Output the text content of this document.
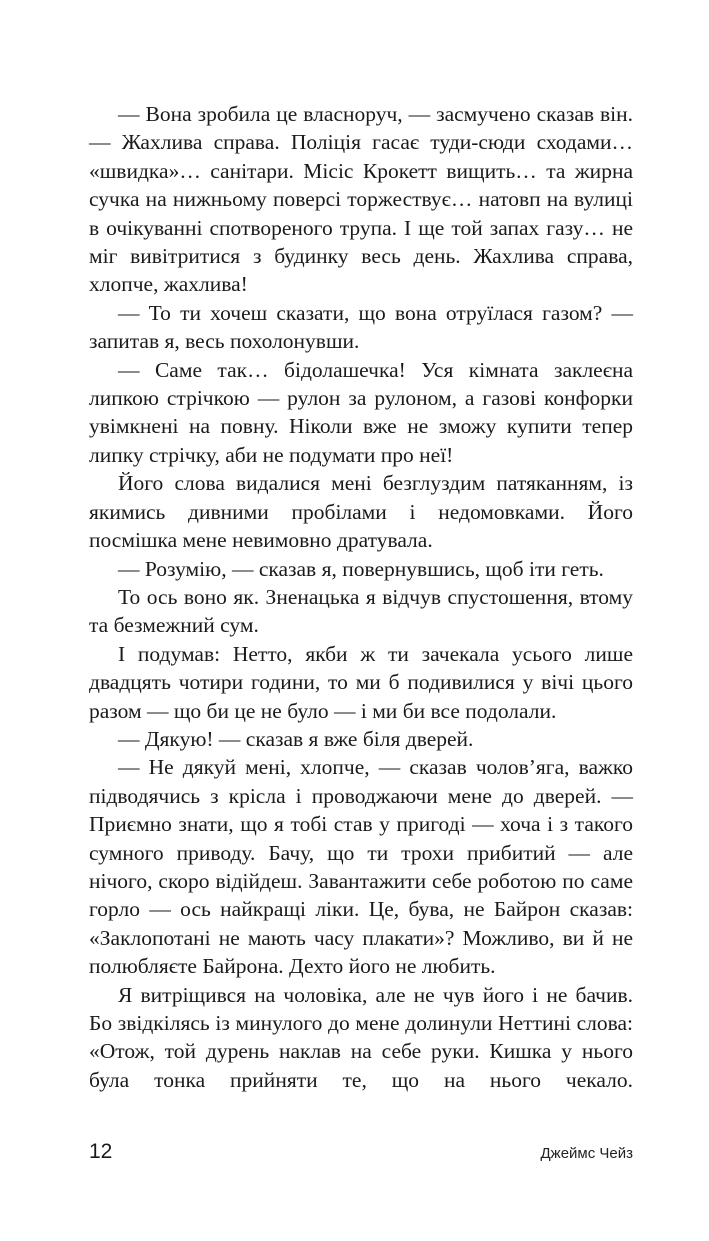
— Вона зробила це власноруч, — засмучено сказав він. — Жахлива справа. Поліція гасає туди-сюди сходами… «швидка»… санітари. Місіс Крокетт вищить… та жирна сучка на нижньому поверсі торжествує… натовп на вулиці в очікуванні спотвореного трупа. І ще той запах газу… не міг вивітритися з будинку весь день. Жахлива справа, хлопче, жахлива!

— То ти хочеш сказати, що вона отруїлася газом? — запитав я, весь похолонувши.

— Саме так… бідолашечка! Уся кімната заклеєна липкою стрічкою — рулон за рулоном, а газові конфорки увімкнені на повну. Ніколи вже не зможу купити тепер липку стрічку, аби не подумати про неї!

Його слова видалися мені безглуздим патяканням, із якимись дивними пробілами і недомовками. Його посмішка мене невимовно дратувала.

— Розумію, — сказав я, повернувшись, щоб іти геть.

То ось воно як. Зненацька я відчув спустошення, втому та безмежний сум.

І подумав: Нетто, якби ж ти зачекала усього лише двадцять чотири години, то ми б подивилися у вічі цього разом — що би це не було — і ми би все подолали.

— Дякую! — сказав я вже біля дверей.

— Не дякуй мені, хлопче, — сказав чолов’яга, важко підводячись з крісла і проводжаючи мене до дверей. — Приємно знати, що я тобі став у пригоді — хоча і з такого сумного приводу. Бачу, що ти трохи прибитий — але нічого, скоро відійдеш. Завантажити себе роботою по саме горло — ось найкращі ліки. Це, бува, не Байрон сказав: «Заклопотані не мають часу плакати»? Можливо, ви й не полюбляєте Байрона. Дехто його не любить.

Я витріщився на чоловіка, але не чув його і не бачив. Бо звідкілясь із минулого до мене долинули Неттині слова: «Отож, той дурень наклав на себе руки. Кишка у нього була тонка прийняти те, що на нього чекало.

12	Джеймс Чейз
